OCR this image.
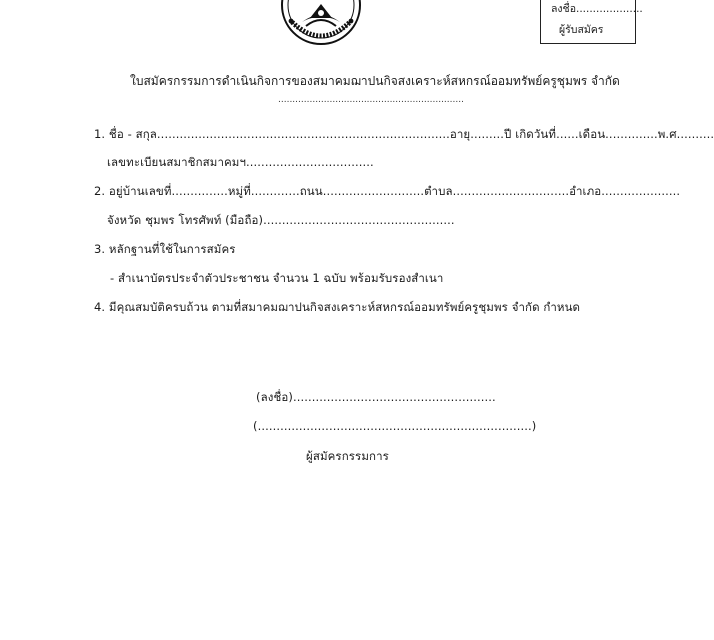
ลงชื่อ....................
ผู้รับสมัคร
ใบสมัครกรรมการดำเนินกิจการของสมาคมฌาปนกิจสงเคราะห์สหกรณ์ออมทรัพย์ครูชุมพร จำกัด
.................................................................
1. ชื่อ - สกุล..............................................................................อายุ.........ปี เกิดวันที่......เดือน..............พ.ศ..........
เลขทะเบียนสมาชิกสมาคมฯ..................................
2. อยู่บ้านเลขที่...............หมู่ที่.............ถนน...........................ตำบล...............................อำเภอ.....................
จังหวัด ชุมพร โทรศัพท์ (มือถือ)...................................................
3. หลักฐานที่ใช้ในการสมัคร
- สำเนาบัตรประจำตัวประชาชน จำนวน 1 ฉบับ พร้อมรับรองสำเนา
4. มีคุณสมบัติครบถ้วน ตามที่สมาคมฌาปนกิจสงเคราะห์สหกรณ์ออมทรัพย์ครูชุมพร จำกัด กำหนด
(ลงชื่อ)......................................................
(.........................................................................)
ผู้สมัครกรรมการ
